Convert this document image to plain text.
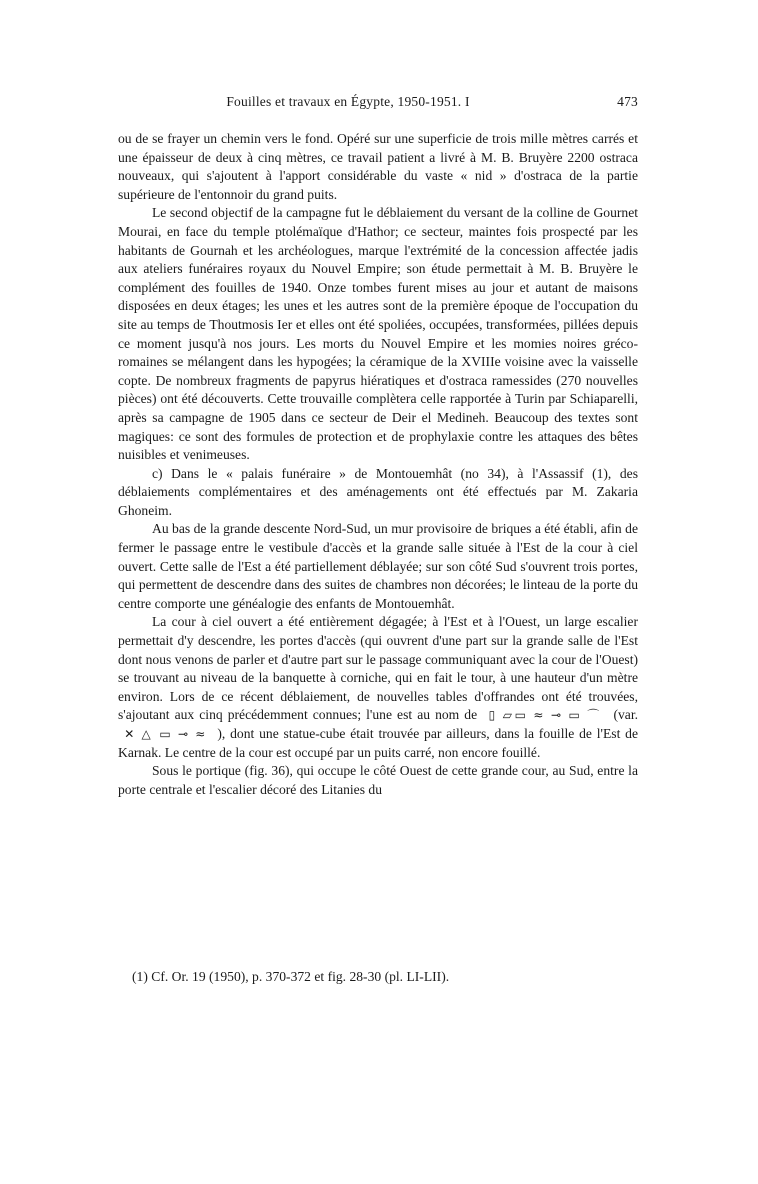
Fouilles et travaux en Égypte, 1950-1951. I	473

ou de se frayer un chemin vers le fond. Opéré sur une superficie de trois mille mètres carrés et une épaisseur de deux à cinq mètres, ce travail patient a livré à M. B. Bruyère 2200 ostraca nouveaux, qui s'ajoutent à l'apport considérable du vaste « nid » d'ostraca de la partie supérieure de l'entonnoir du grand puits.

Le second objectif de la campagne fut le déblaiement du versant de la colline de Gournet Mourai, en face du temple ptolémaïque d'Hathor; ce secteur, maintes fois prospecté par les habitants de Gournah et les archéologues, marque l'extrémité de la concession affectée jadis aux ateliers funéraires royaux du Nouvel Empire; son étude permettait à M. B. Bruyère le complément des fouilles de 1940. Onze tombes furent mises au jour et autant de maisons disposées en deux étages; les unes et les autres sont de la première époque de l'occupation du site au temps de Thoutmosis Ier et elles ont été spoliées, occupées, transformées, pillées depuis ce moment jusqu'à nos jours. Les morts du Nouvel Empire et les momies noires gréco-romaines se mélangent dans les hypogées; la céramique de la XVIIIe voisine avec la vaisselle copte. De nombreux fragments de papyrus hiératiques et d'ostraca ramessides (270 nouvelles pièces) ont été découverts. Cette trouvaille complètera celle rapportée à Turin par Schiaparelli, après sa campagne de 1905 dans ce secteur de Deir el Medineh. Beaucoup des textes sont magiques: ce sont des formules de protection et de prophylaxie contre les attaques des bêtes nuisibles et venimeuses.

c) Dans le « palais funéraire » de Montouemhât (no 34), à l'Assassif (1), des déblaiements complémentaires et des aménagements ont été effectués par M. Zakaria Ghoneim.

Au bas de la grande descente Nord-Sud, un mur provisoire de briques a été établi, afin de fermer le passage entre le vestibule d'accès et la grande salle située à l'Est de la cour à ciel ouvert. Cette salle de l'Est a été partiellement déblayée; sur son côté Sud s'ouvrent trois portes, qui permettent de descendre dans des suites de chambres non décorées; le linteau de la porte du centre comporte une généalogie des enfants de Montouemhât.

La cour à ciel ouvert a été entièrement dégagée; à l'Est et à l'Ouest, un large escalier permettait d'y descendre, les portes d'accès (qui ouvrent d'une part sur la grande salle de l'Est dont nous venons de parler et d'autre part sur le passage communiquant avec la cour de l'Ouest) se trouvant au niveau de la banquette à corniche, qui en fait le tour, à une hauteur d'un mètre environ. Lors de ce récent déblaiement, de nouvelles tables d'offrandes ont été trouvées, s'ajoutant aux cinq précédemment connues; l'une est au nom de  ▯ ▱▭ ≈ ⊸ ▭ ⌒  (var.  ✕ △ ▭ ⊸ ≈  ), dont une statue-cube était trouvée par ailleurs, dans la fouille de l'Est de Karnak. Le centre de la cour est occupé par un puits carré, non encore fouillé.

Sous le portique (fig. 36), qui occupe le côté Ouest de cette grande cour, au Sud, entre la porte centrale et l'escalier décoré des Litanies du

(1) Cf. Or. 19 (1950), p. 370-372 et fig. 28-30 (pl. LI-LII).
